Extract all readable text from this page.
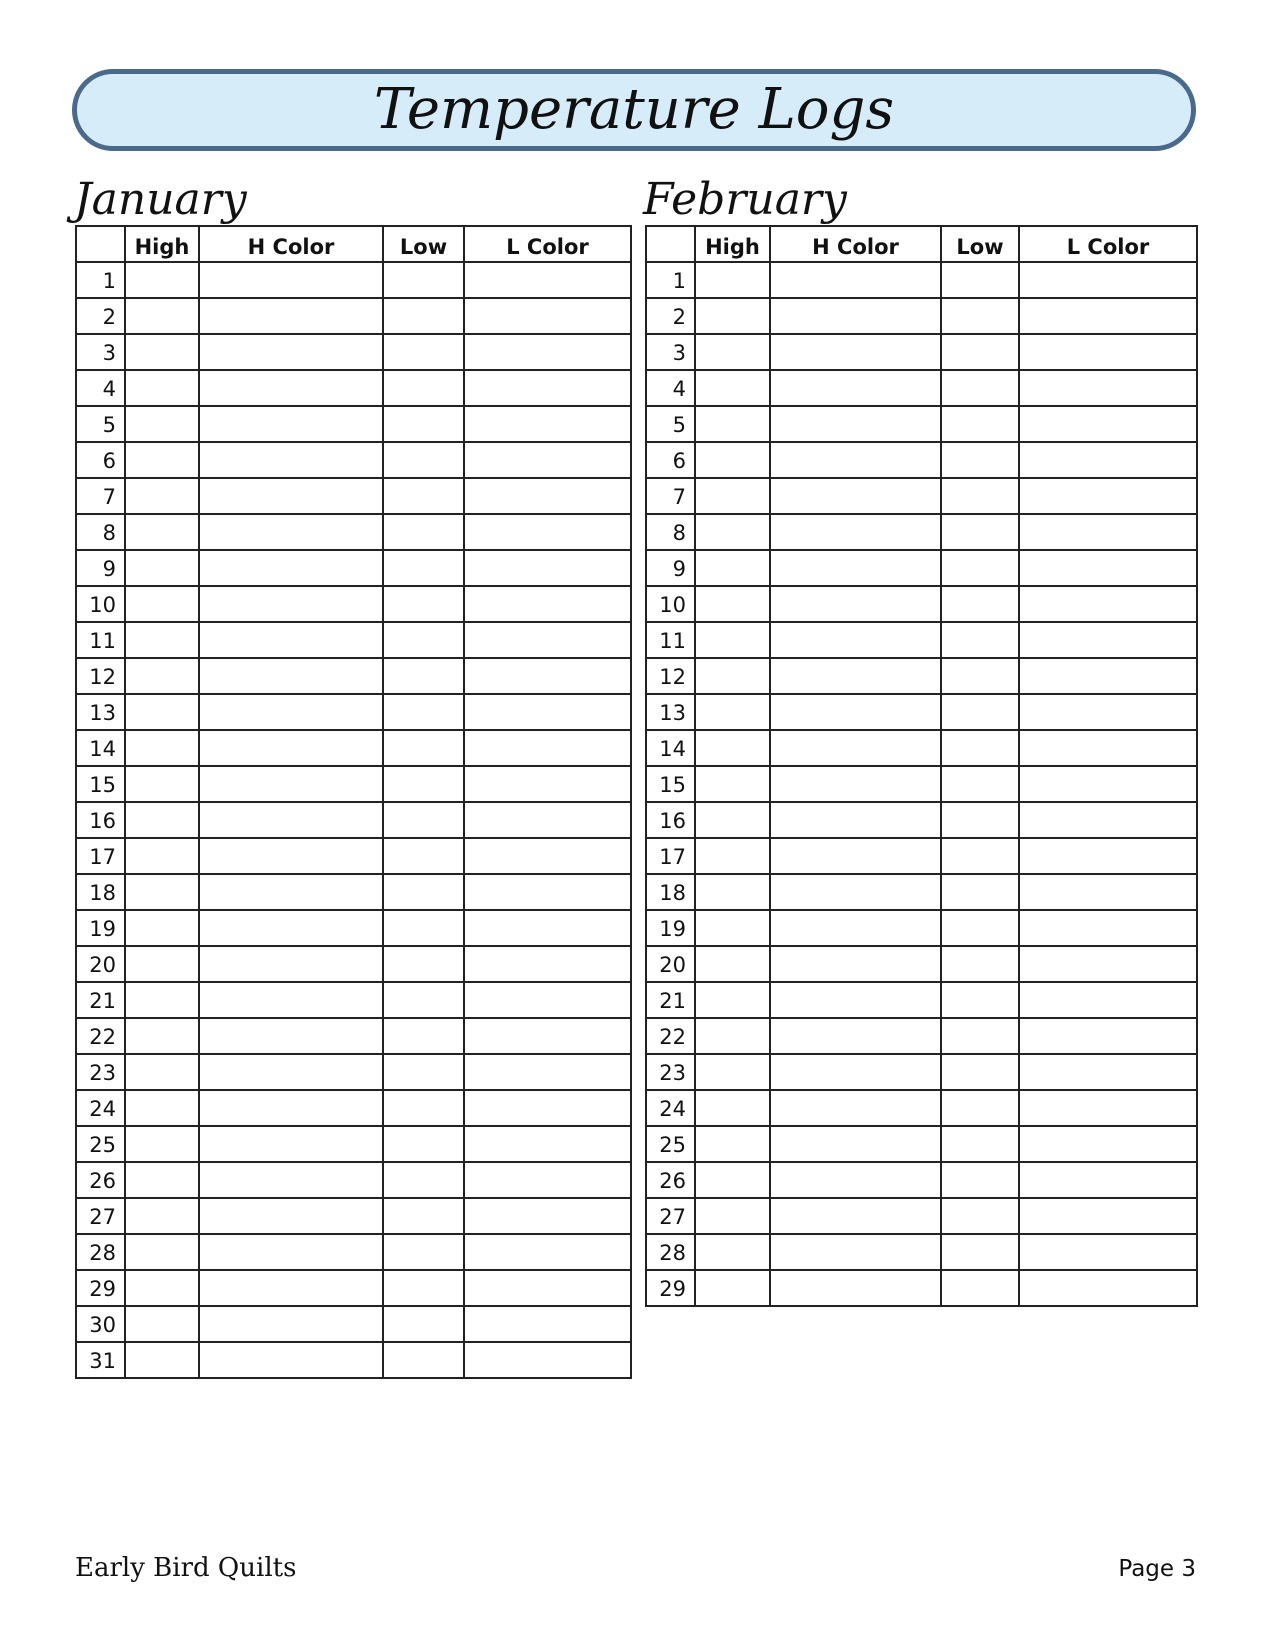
Temperature Logs
January	February
	High	H Color	Low	L Color
1				
2				
3				
4				
5				
6				
7				
8				
9				
10				
11				
12				
13				
14				
15				
16				
17				
18				
19				
20				
21				
22				
23				
24				
25				
26				
27				
28				
29				
30				
31				
	High	H Color	Low	L Color
1				
2				
3				
4				
5				
6				
7				
8				
9				
10				
11				
12				
13				
14				
15				
16				
17				
18				
19				
20				
21				
22				
23				
24				
25				
26				
27				
28				
29				
Early Bird Quilts	Page 3
